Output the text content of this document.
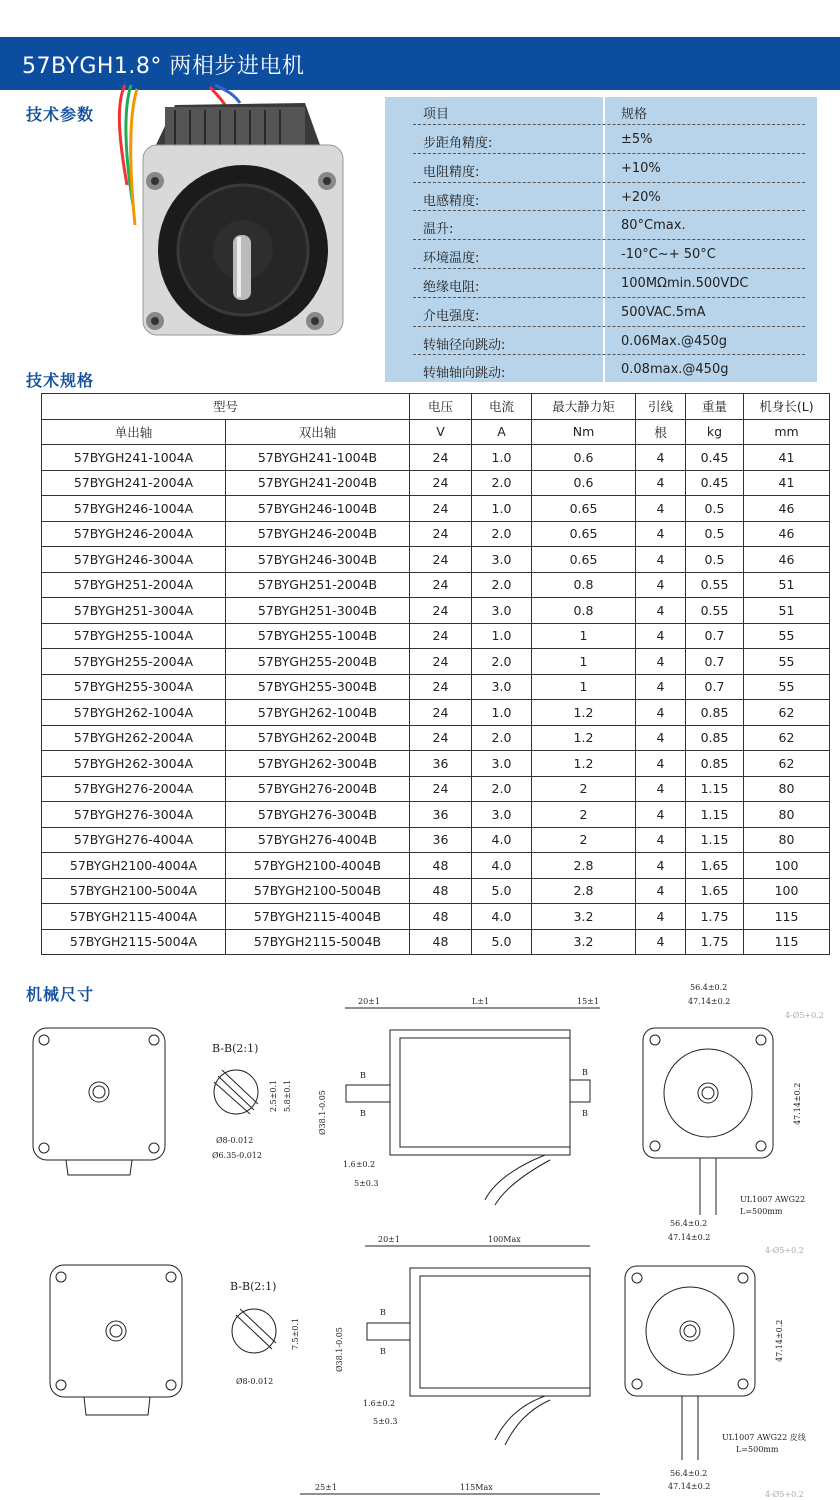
57BYGH1.8° 两相步进电机
技术参数
技术规格
机械尺寸
项目	规格
步距角精度:	±5%
电阻精度:	+10%
电感精度:	+20%
温升:	80°Cmax.
环境温度:	-10°C~+ 50°C
绝缘电阻:	100MΩmin.500VDC
介电强度:	500VAC.5mA
转轴径向跳动:	0.06Max.@450g
转轴轴向跳动:	0.08max.@450g
型号		电压	电流	最大静力矩	引线	重量	机身长(L)
单出轴	双出轴	V	A	Nm	根	kg	mm
57BYGH241-1004A	57BYGH241-1004B	24	1.0	0.6	4	0.45	41
57BYGH241-2004A	57BYGH241-2004B	24	2.0	0.6	4	0.45	41
57BYGH246-1004A	57BYGH246-1004B	24	1.0	0.65	4	0.5	46
57BYGH246-2004A	57BYGH246-2004B	24	2.0	0.65	4	0.5	46
57BYGH246-3004A	57BYGH246-3004B	24	3.0	0.65	4	0.5	46
57BYGH251-2004A	57BYGH251-2004B	24	2.0	0.8	4	0.55	51
57BYGH251-3004A	57BYGH251-3004B	24	3.0	0.8	4	0.55	51
57BYGH255-1004A	57BYGH255-1004B	24	1.0	1	4	0.7	55
57BYGH255-2004A	57BYGH255-2004B	24	2.0	1	4	0.7	55
57BYGH255-3004A	57BYGH255-3004B	24	3.0	1	4	0.7	55
57BYGH262-1004A	57BYGH262-1004B	24	1.0	1.2	4	0.85	62
57BYGH262-2004A	57BYGH262-2004B	24	2.0	1.2	4	0.85	62
57BYGH262-3004A	57BYGH262-3004B	36	3.0	1.2	4	0.85	62
57BYGH276-2004A	57BYGH276-2004B	24	2.0	2	4	1.15	80
57BYGH276-3004A	57BYGH276-3004B	36	3.0	2	4	1.15	80
57BYGH276-4004A	57BYGH276-4004B	36	4.0	2	4	1.15	80
57BYGH2100-4004A	57BYGH2100-4004B	48	4.0	2.8	4	1.65	100
57BYGH2100-5004A	57BYGH2100-5004B	48	5.0	2.8	4	1.65	100
57BYGH2115-4004A	57BYGH2115-4004B	48	4.0	3.2	4	1.75	115
57BYGH2115-5004A	57BYGH2115-5004B	48	5.0	3.2	4	1.75	115
B-B(2:1)
Ø8-0.012
Ø6.35-0.012
2.5±0.1 5.8±0.1
20±1	L±1	15±1
Ø38.1-0.05
B
B
B
B
1.6±0.2
5±0.3
56.4±0.2
47.14±0.2
4-Ø5+0.2
47.14±0.2
UL1007 AWG22
L=500mm
B-B(2:1)
Ø8-0.012
7.5±0.1
20±1	100Max
Ø38.1-0.05
B
B
1.6±0.2
5±0.3
56.4±0.2
47.14±0.2
4-Ø5+0.2
47.14±0.2
UL1007 AWG22 皮线
L=500mm
25±1	115Max
56.4±0.2
47.14±0.2
4-Ø5+0.2
